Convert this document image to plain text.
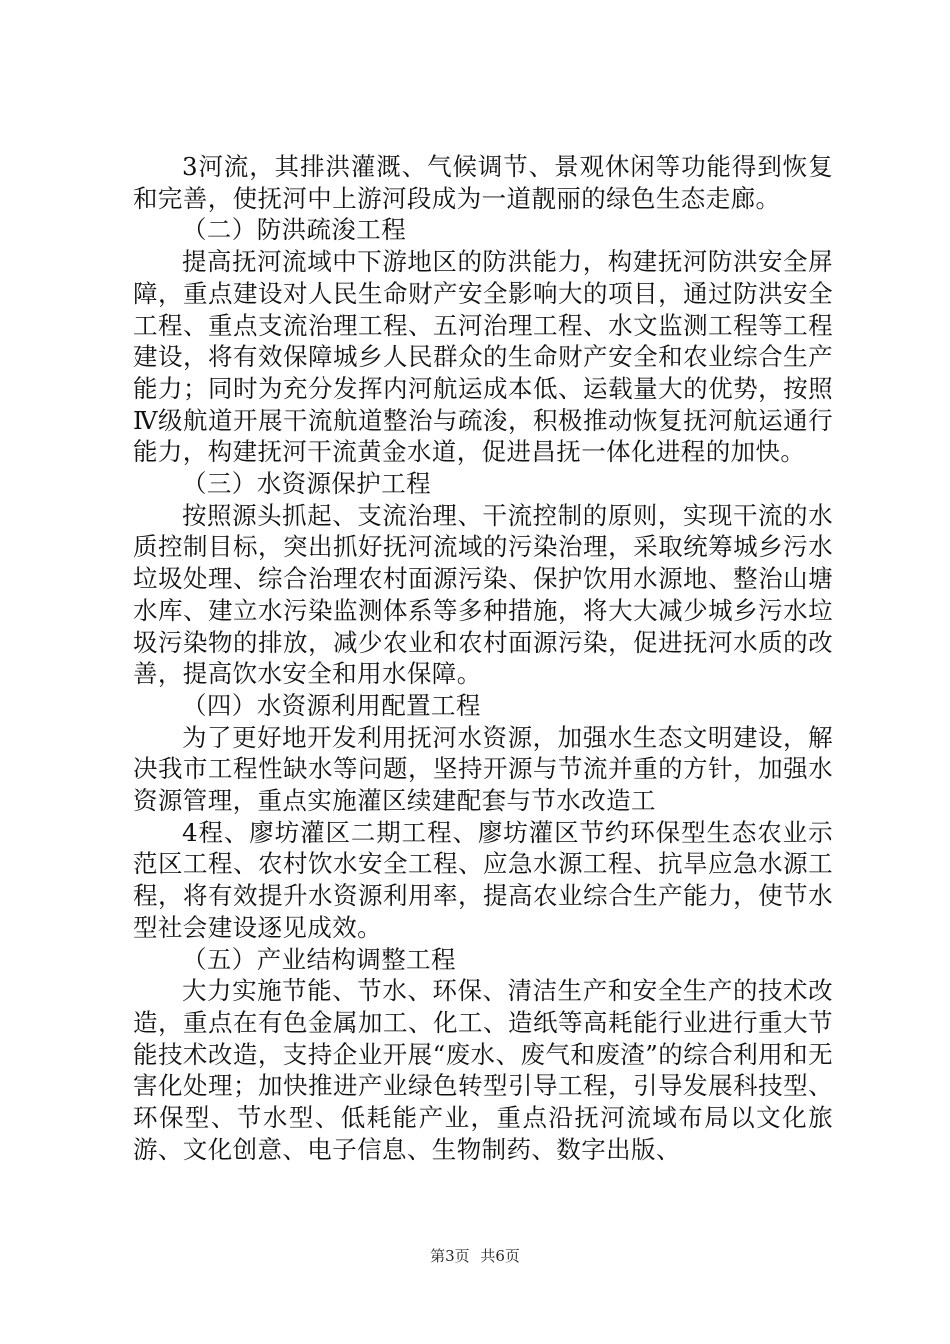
3河流，其排洪灌溉、气候调节、景观休闲等功能得到恢复和完善，使抚河中上游河段成为一道靓丽的绿色生态走廊。

（二）防洪疏浚工程

提高抚河流域中下游地区的防洪能力，构建抚河防洪安全屏障，重点建设对人民生命财产安全影响大的项目，通过防洪安全工程、重点支流治理工程、五河治理工程、水文监测工程等工程建设，将有效保障城乡人民群众的生命财产安全和农业综合生产能力；同时为充分发挥内河航运成本低、运载量大的优势，按照Ⅳ级航道开展干流航道整治与疏浚，积极推动恢复抚河航运通行能力，构建抚河干流黄金水道，促进昌抚一体化进程的加快。

（三）水资源保护工程

按照源头抓起、支流治理、干流控制的原则，实现干流的水质控制目标，突出抓好抚河流域的污染治理，采取统筹城乡污水垃圾处理、综合治理农村面源污染、保护饮用水源地、整治山塘水库、建立水污染监测体系等多种措施，将大大减少城乡污水垃圾污染物的排放，减少农业和农村面源污染，促进抚河水质的改善，提高饮水安全和用水保障。

（四）水资源利用配置工程

为了更好地开发利用抚河水资源，加强水生态文明建设，解决我市工程性缺水等问题，坚持开源与节流并重的方针，加强水资源管理，重点实施灌区续建配套与节水改造工

4程、廖坊灌区二期工程、廖坊灌区节约环保型生态农业示范区工程、农村饮水安全工程、应急水源工程、抗旱应急水源工程，将有效提升水资源利用率，提高农业综合生产能力，使节水型社会建设逐见成效。

（五）产业结构调整工程

大力实施节能、节水、环保、清洁生产和安全生产的技术改造，重点在有色金属加工、化工、造纸等高耗能行业进行重大节能技术改造，支持企业开展“废水、废气和废渣”的综合利用和无害化处理；加快推进产业绿色转型引导工程，引导发展科技型、环保型、节水型、低耗能产业，重点沿抚河流域布局以文化旅游、文化创意、电子信息、生物制药、数字出版、

第3页 共6页
